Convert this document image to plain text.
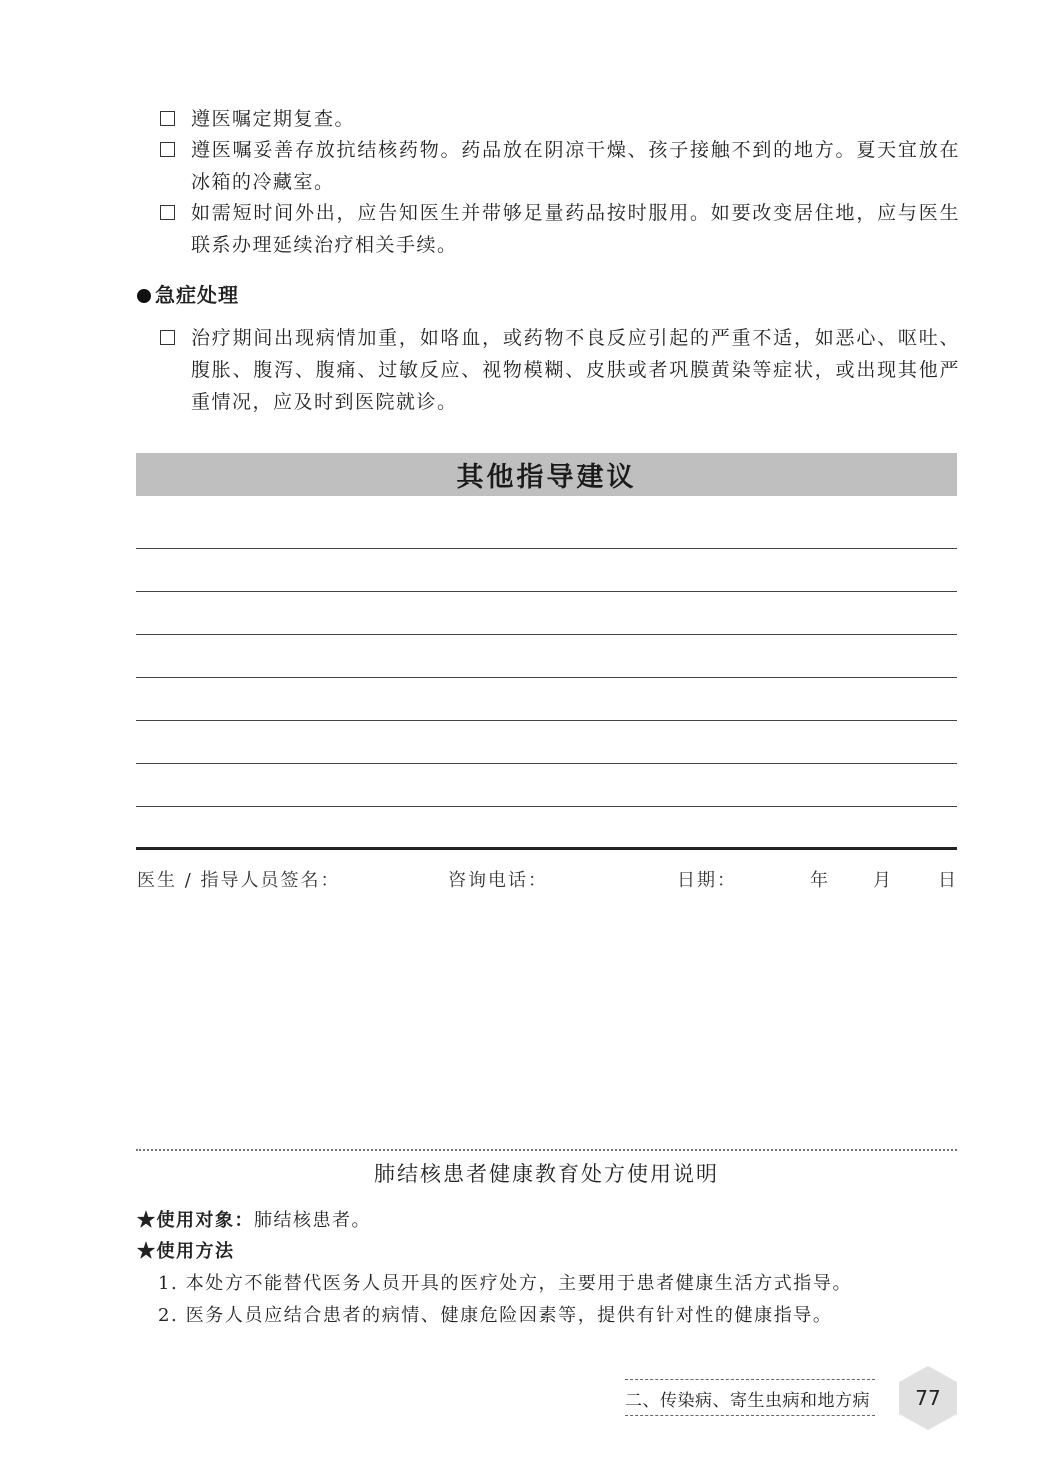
遵医嘱定期复查。
遵医嘱妥善存放抗结核药物。药品放在阴凉干燥、孩子接触不到的地方。夏天宜放在冰箱的冷藏室。
如需短时间外出，应告知医生并带够足量药品按时服用。如要改变居住地，应与医生联系办理延续治疗相关手续。
急症处理
治疗期间出现病情加重，如咯血，或药物不良反应引起的严重不适，如恶心、呕吐、腹胀、腹泻、腹痛、过敏反应、视物模糊、皮肤或者巩膜黄染等症状，或出现其他严重情况，应及时到医院就诊。
其他指导建议
医生 / 指导人员签名：	咨询电话：	日期：	年 月	日
肺结核患者健康教育处方使用说明
★使用对象：肺结核患者。
★使用方法
1. 本处方不能替代医务人员开具的医疗处方，主要用于患者健康生活方式指导。
2. 医务人员应结合患者的病情、健康危险因素等，提供有针对性的健康指导。
二、传染病、寄生虫病和地方病	77
